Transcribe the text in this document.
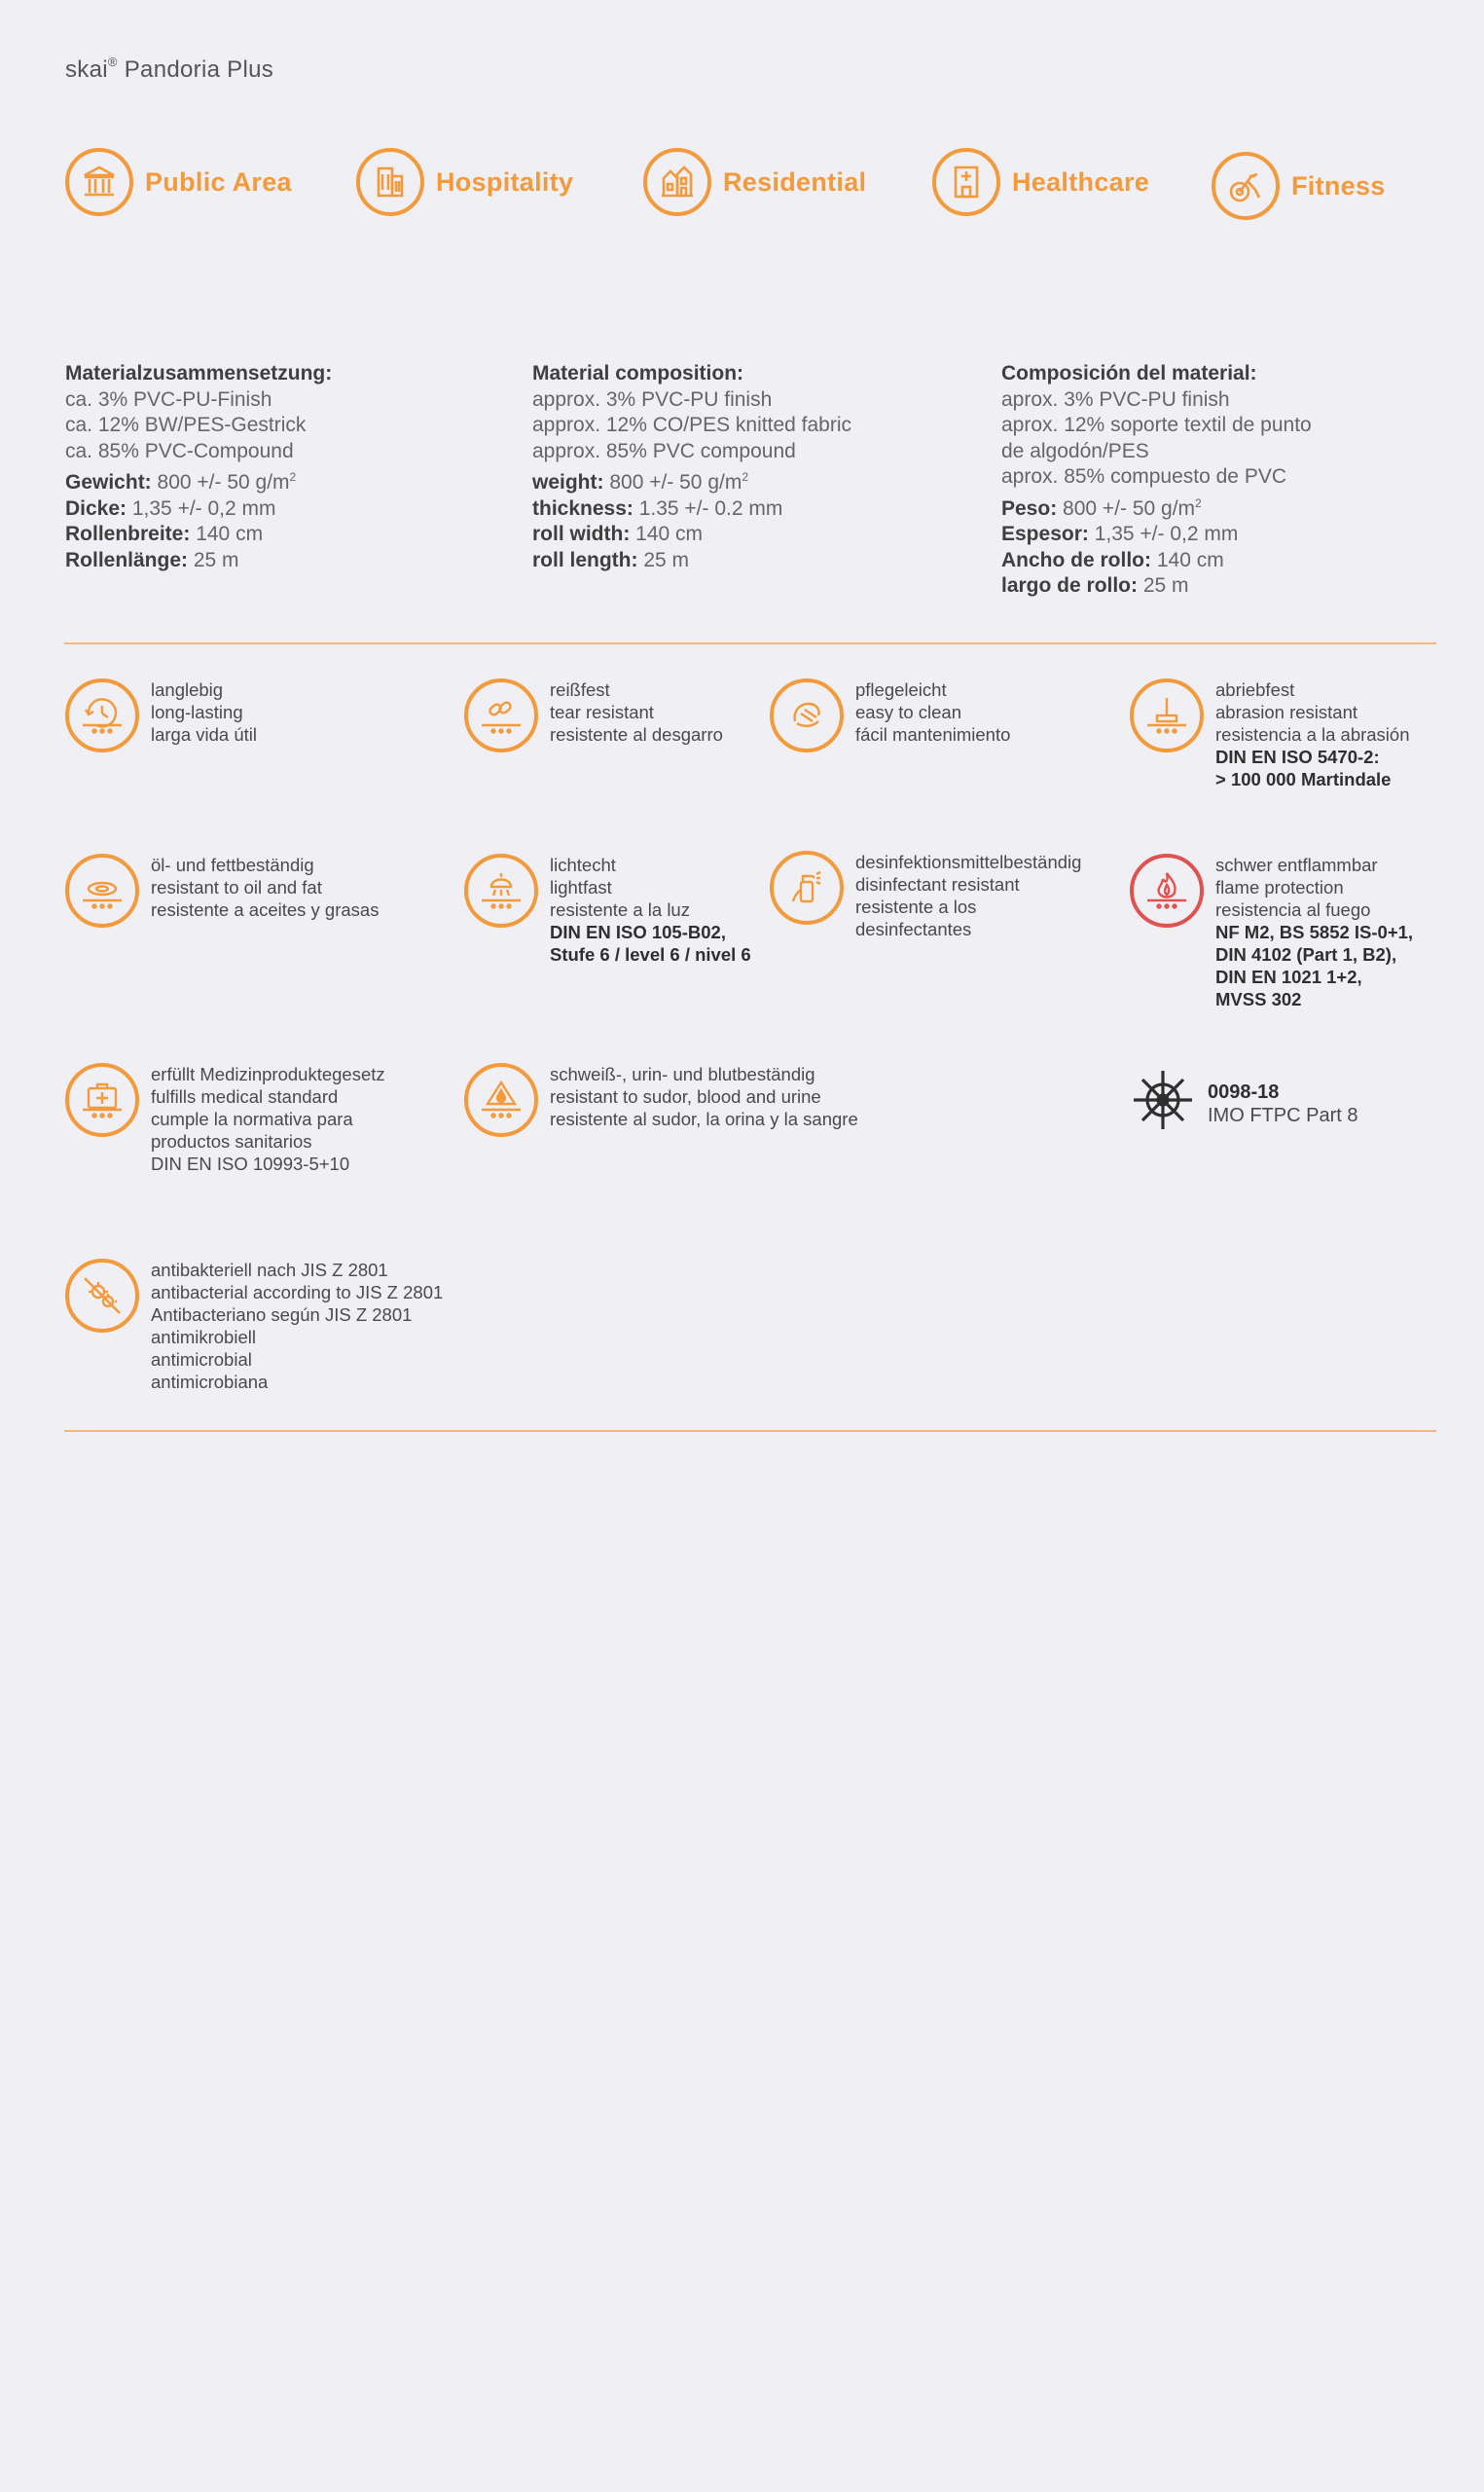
skai® Pandoria Plus
Public Area	Hospitality	Residential	Healthcare	Fitness
Materialzusammensetzung:
ca. 3% PVC-PU-Finish
ca. 12% BW/PES-Gestrick
ca. 85% PVC-Compound
Gewicht: 800 +/- 50 $g/m^2$
Dicke: 1,35 +/- 0,2 mm
Rollenbreite: 140 cm
Rollenlänge: 25 m
Material composition:
approx. 3% PVC-PU finish
approx. 12% CO/PES knitted fabric
approx. 85% PVC compound
weight: 800 +/- 50 $g/m^2$
thickness: 1.35 +/- 0.2 mm
roll width: 140 cm
roll length: 25 m
Composición del material:
aprox. 3% PVC-PU finish
aprox. 12% soporte textil de punto
de algodón/PES
aprox. 85% compuesto de PVC
Peso: 800 +/- 50 $g/m^2$
Espesor: 1,35 +/- 0,2 mm
Ancho de rollo: 140 cm
largo de rollo: 25 m
langlebig
long-lasting
larga vida útil
reißfest
tear resistant
resistente al desgarro
pflegeleicht
easy to clean
fácil mantenimiento
abriebfest
abrasion resistant
resistencia a la abrasión
DIN EN ISO 5470-2:
> 100 000 Martindale
öl- und fettbeständig
resistant to oil and fat
resistente a aceites y grasas
lichtecht
lightfast
resistente a la luz
DIN EN ISO 105-B02,
Stufe 6 / level 6 / nivel 6
desinfektionsmittelbeständig
disinfectant resistant
resistente a los
desinfectantes
schwer entflammbar
flame protection
resistencia al fuego
NF M2, BS 5852 IS-0+1,
DIN 4102 (Part 1, B2),
DIN EN 1021 1+2,
MVSS 302
erfüllt Medizinproduktegesetz
fulfills medical standard
cumple la normativa para
productos sanitarios
DIN EN ISO 10993-5+10
schweiß-, urin- und blutbeständig
resistant to sudor, blood and urine
resistente al sudor, la orina y la sangre
0098-18
IMO FTPC Part 8
antibakteriell nach JIS Z 2801
antibacterial according to JIS Z 2801
Antibacteriano según JIS Z 2801
antimikrobiell
antimicrobial
antimicrobiana
